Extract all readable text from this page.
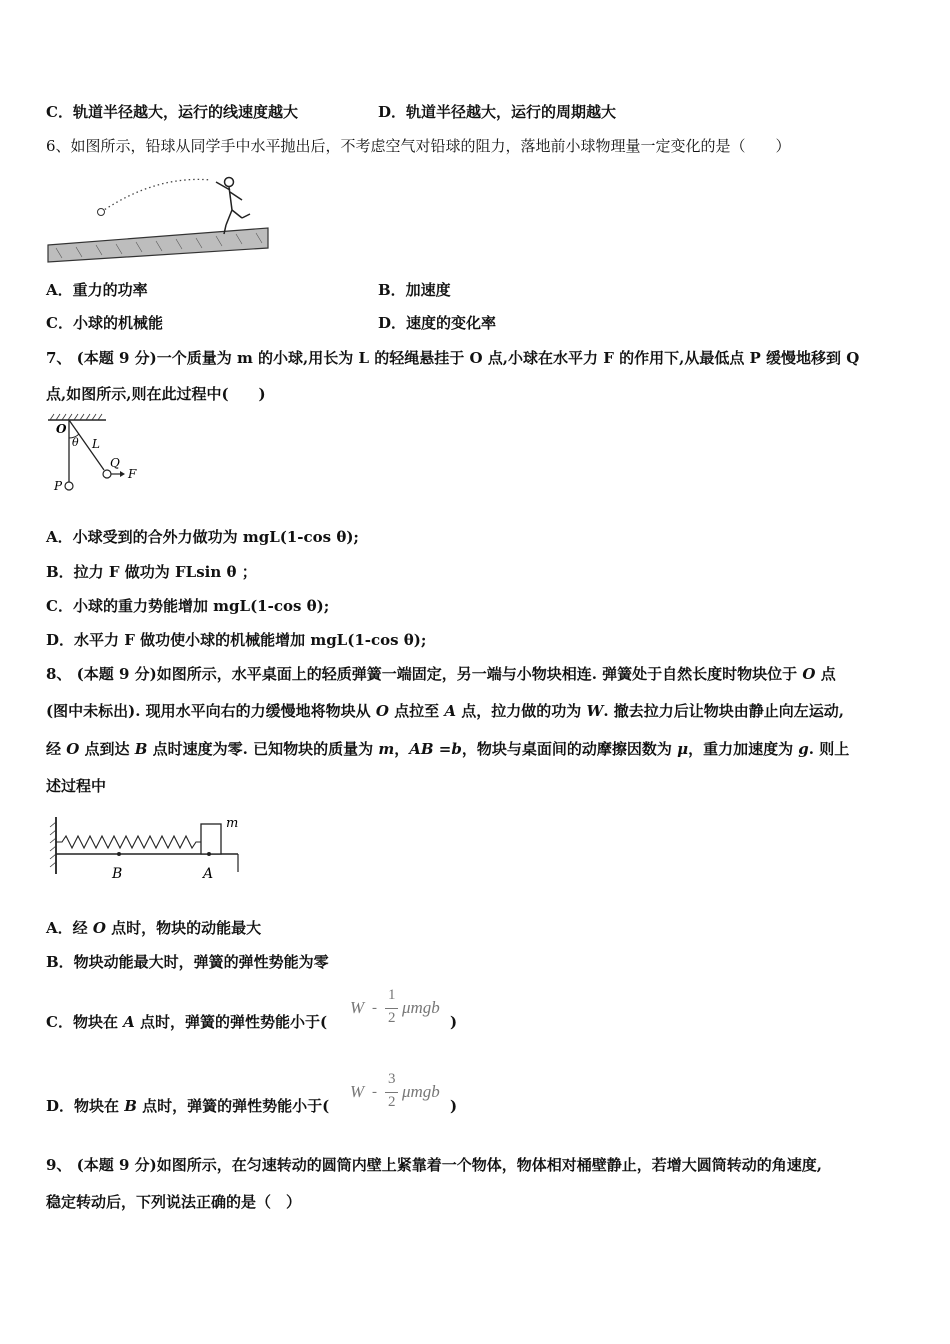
C．轨道半径越大，运行的线速度越大	D．轨道半径越大，运行的周期越大
6、如图所示，铅球从同学手中水平抛出后，不考虑空气对铅球的阻力，落地前小球物理量一定变化的是（　　）
A．重力的功率	B．加速度
C．小球的机械能	D．速度的变化率
7、 (本题 9 分)一个质量为 m 的小球,用长为 L 的轻绳悬挂于 O 点,小球在水平力 F 的作用下,从最低点 P 缓慢地移到 Q
点,如图所示,则在此过程中(　　)
O
θ L
Q
F
P
A．小球受到的合外力做功为 mgL(1-cos θ);
B．拉力 F 做功为 FLsin θ ；
C．小球的重力势能增加 mgL(1-cos θ);
D．水平力 F 做功使小球的机械能增加 mgL(1-cos θ);
8、 (本题 9 分)如图所示，水平桌面上的轻质弹簧一端固定，另一端与小物块相连. 弹簧处于自然长度时物块位于 O 点
(图中未标出). 现用水平向右的力缓慢地将物块从 O 点拉至 A 点，拉力做的功为 W. 撤去拉力后让物块由静止向左运动,
经 O 点到达 B 点时速度为零. 已知物块的质量为 m，AB =b，物块与桌面间的动摩擦因数为 μ，重力加速度为 g. 则上
述过程中
m
B	A
A．经 O 点时，物块的动能最大
B．物块动能最大时，弹簧的弹性势能为零
C．物块在 A 点时，弹簧的弹性势能小于(
W -
1
2
μmgb
)
D．物块在 B 点时，弹簧的弹性势能小于(
W -
3
2
μmgb
)
9、 (本题 9 分)如图所示，在匀速转动的圆筒内壁上紧靠着一个物体，物体相对桶壁静止，若增大圆筒转动的角速度,
稳定转动后，下列说法正确的是（　）
